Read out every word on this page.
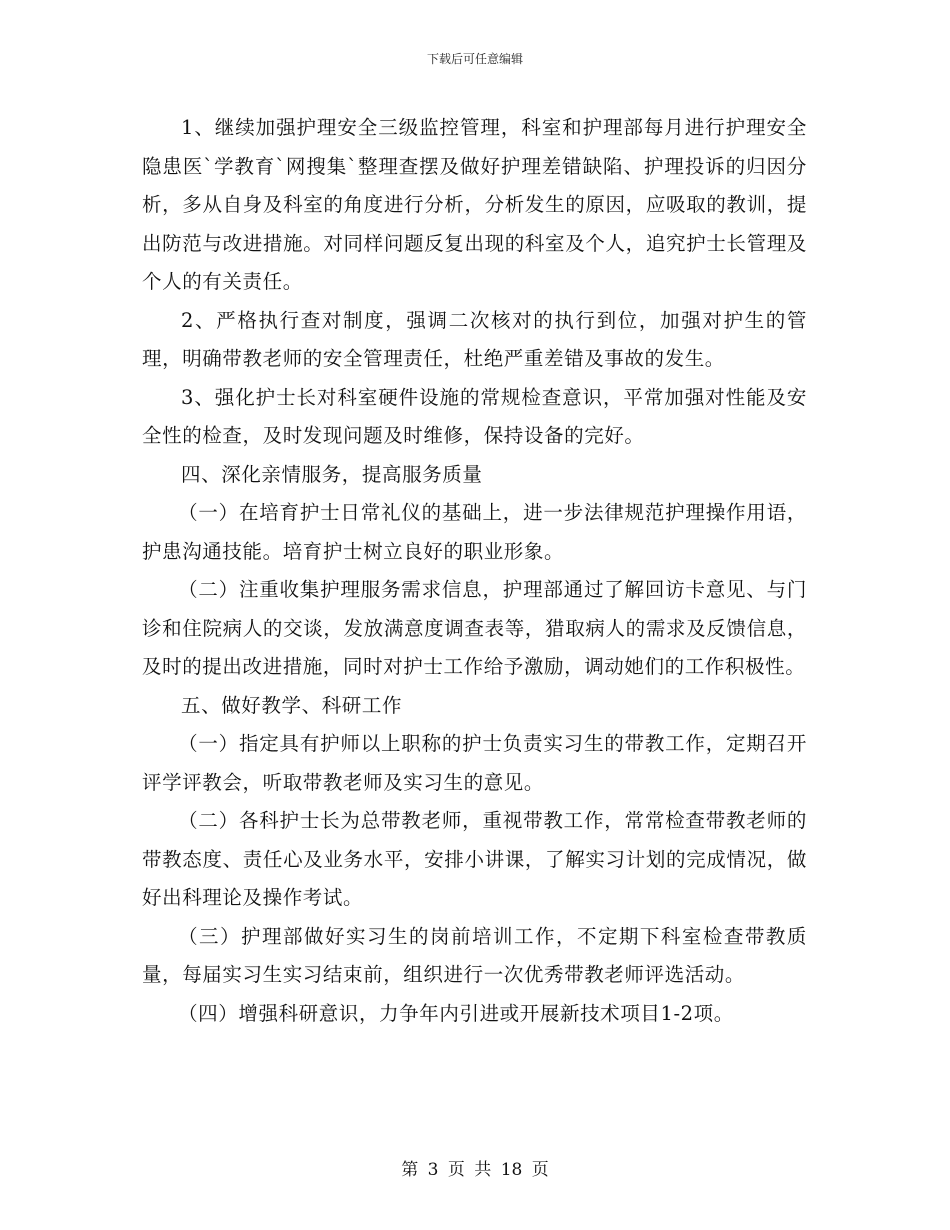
下载后可任意编辑

1、继续加强护理安全三级监控管理，科室和护理部每月进行护理安全隐患医`学教育`网搜集`整理查摆及做好护理差错缺陷、护理投诉的归因分析，多从自身及科室的角度进行分析，分析发生的原因，应吸取的教训，提出防范与改进措施。对同样问题反复出现的科室及个人，追究护士长管理及个人的有关责任。

2、严格执行查对制度，强调二次核对的执行到位，加强对护生的管理，明确带教老师的安全管理责任，杜绝严重差错及事故的发生。

3、强化护士长对科室硬件设施的常规检查意识，平常加强对性能及安全性的检查，及时发现问题及时维修，保持设备的完好。

四、深化亲情服务，提高服务质量

（一）在培育护士日常礼仪的基础上，进一步法律规范护理操作用语，护患沟通技能。培育护士树立良好的职业形象。

（二）注重收集护理服务需求信息，护理部通过了解回访卡意见、与门诊和住院病人的交谈，发放满意度调查表等，猎取病人的需求及反馈信息，及时的提出改进措施，同时对护士工作给予激励，调动她们的工作积极性。

五、做好教学、科研工作

（一）指定具有护师以上职称的护士负责实习生的带教工作，定期召开评学评教会，听取带教老师及实习生的意见。

（二）各科护士长为总带教老师，重视带教工作，常常检查带教老师的带教态度、责任心及业务水平，安排小讲课，了解实习计划的完成情况，做好出科理论及操作考试。

（三）护理部做好实习生的岗前培训工作，不定期下科室检查带教质量，每届实习生实习结束前，组织进行一次优秀带教老师评选活动。

（四）增强科研意识，力争年内引进或开展新技术项目1-2项。

第 3 页 共 18 页
